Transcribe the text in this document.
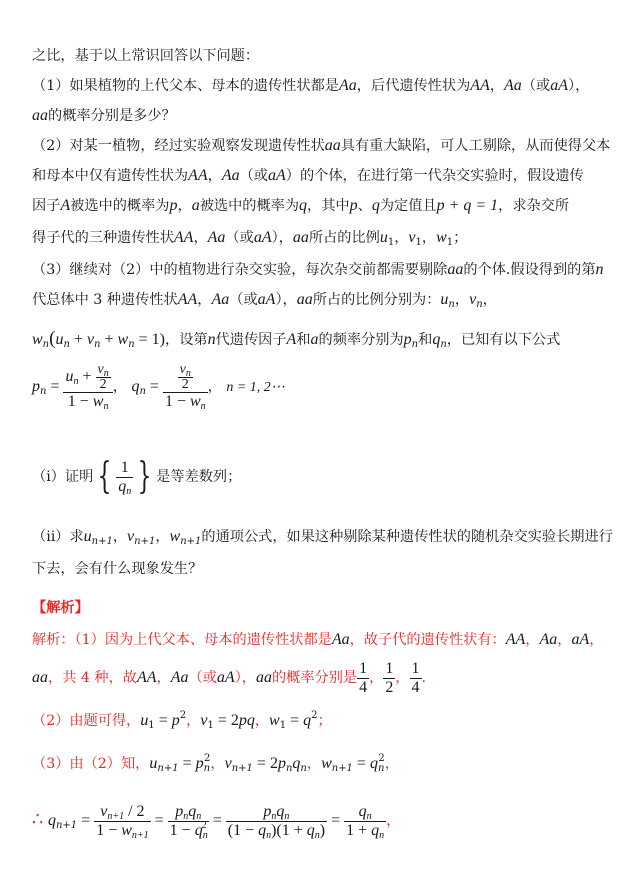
之比，基于以上常识回答以下问题：
（1）如果植物的上代父本、母本的遗传性状都是Aa，后代遗传性状为AA，Aa（或aA），
aa的概率分别是多少？
（2）对某一植物，经过实验观察发现遗传性状aa具有重大缺陷，可人工剔除，从而使得父本
和母本中仅有遗传性状为AA，Aa（或aA）的个体，在进行第一代杂交实验时，假设遗传
因子A被选中的概率为p，a被选中的概率为q，其中p、q为定值且p + q = 1，求杂交所
得子代的三种遗传性状AA，Aa（或aA），aa所占的比例$u_1$，$v_1$，$w_1$；
（3）继续对（2）中的植物进行杂交实验，每次杂交前都需要剔除aa的个体.假设得到的第n
代总体中 3 种遗传性状AA，Aa（或aA），aa所占的比例分别为：$u_n$，$v_n$，
$w_n(u_n + v_n + w_n = 1)$，设第n代遗传因子A和a的频率分别为$p_n$和$q_n$，已知有以下公式
$p_n = \frac{u_n + \frac{v_n}{2}}{1 - w_n}$ ， $q_n = \frac{\frac{v_n}{2}}{1 - w_n}$ ， n = 1, 2⋯
（ⅰ）证明 { $\frac{1}{q_n}$ } 是等差数列；
（ⅱ）求$u_{n+1}$，$v_{n+1}$，$w_{n+1}$的通项公式，如果这种剔除某种遗传性状的随机杂交实验长期进行
下去，会有什么现象发生？
【解析】
解析：（1）因为上代父本、母本的遗传性状都是Aa，故子代的遗传性状有：AA，Aa，aA，
aa，共 4 种，故AA，Aa（或aA），aa的概率分别是 $\frac{1}{4}$ ， $\frac{1}{2}$ ， $\frac{1}{4}$ .
（2）由题可得，$u_1 = p^2$，$v_1 = 2pq$，$w_1 = q^2$；
（3）由（2）知，$u_{n+1} = p_n^2$，$v_{n+1} = 2p_nq_n$，$w_{n+1} = q_n^2$，
∴ $q_{n+1} = \frac{v_{n+1} / 2}{1 - w_{n+1}} = \frac{p_nq_n}{1 - q_n^2} = \frac{p_nq_n}{(1 - q_n)(1 + q_n)} = \frac{q_n}{1 + q_n}$ ，
